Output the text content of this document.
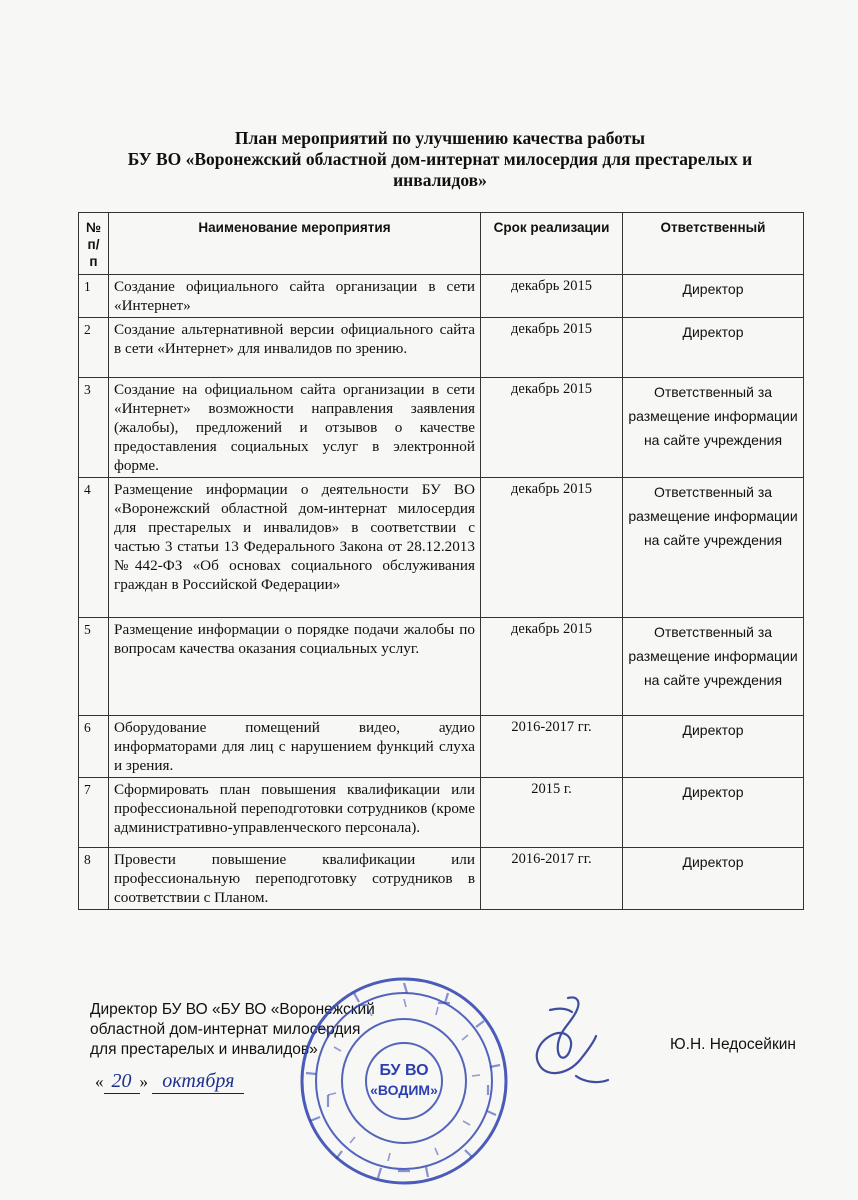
План мероприятий по улучшению качества работы
БУ ВО «Воронежский областной дом-интернат милосердия для престарелых и
инвалидов»
№ п/п	Наименование мероприятия	Срок реализации	Ответственный
1	Создание официального сайта организации в сети «Интернет»	декабрь 2015	Директор
2	Создание альтернативной версии официального сайта в сети «Интернет» для инвалидов по зрению.	декабрь 2015	Директор
3	Создание на официальном сайта организации в сети «Интернет» возможности направления заявления (жалобы), предложений и отзывов о качестве предоставления социальных услуг в электронной форме.	декабрь 2015	Ответственный за размещение информации на сайте учреждения
4	Размещение информации о деятельности БУ ВО «Воронежский областной дом-интернат милосердия для престарелых и инвалидов» в соответствии с частью 3 статьи 13 Федерального Закона от 28.12.2013 №442-ФЗ «Об основах социального обслуживания граждан в Российской Федерации»	декабрь 2015	Ответственный за размещение информации на сайте учреждения
5	Размещение информации о порядке подачи жалобы по вопросам качества оказания социальных услуг.	декабрь 2015	Ответственный за размещение информации на сайте учреждения
6	Оборудование помещений видео, аудио информаторами для лиц с нарушением функций слуха и зрения.	2016-2017 гг.	Директор
7	Сформировать план повышения квалификации или профессиональной переподготовки сотрудников (кроме административно-управленческого персонала).	2015 г.	Директор
8	Провести повышение квалификации или профессиональную переподготовку сотрудников в соответствии с Планом.	2016-2017 гг.	Директор
Директор БУ ВО «БУ ВО «Воронежский
областной дом-интернат милосердия
для престарелых и инвалидов»
« 20 » октября	БУ ВО
«ВОДИМ»
Ю.Н. Недосейкин
